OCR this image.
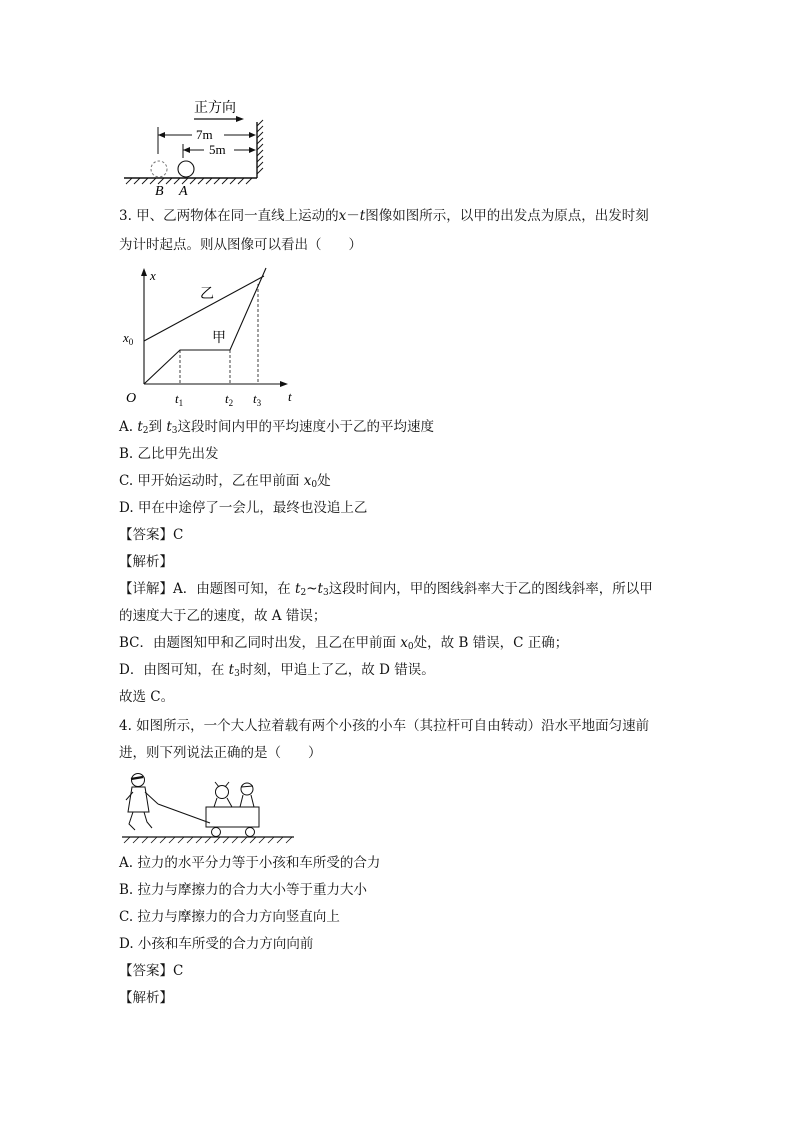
正方向
7m
5m
B A
3. 甲、乙两物体在同一直线上运动的x－t图像如图所示，以甲的出发点为原点，出发时刻
为计时起点。则从图像可以看出（　　）
x
t
O
$x_0$
乙
甲
$t_1$	$t_2$ $t_3$
A. $t_2$到 $t_3$这段时间内甲的平均速度小于乙的平均速度
B. 乙比甲先出发
C. 甲开始运动时，乙在甲前面 $x_0$处
D. 甲在中途停了一会儿，最终也没追上乙
【答案】C
【解析】
【详解】A．由题图可知，在 $t_2\sim t_3$这段时间内，甲的图线斜率大于乙的图线斜率，所以甲
的速度大于乙的速度，故 A 错误；
BC．由题图知甲和乙同时出发，且乙在甲前面 $x_0$处，故 B 错误，C 正确；
D．由图可知，在 $t_3$时刻，甲追上了乙，故 D 错误。
故选 C。
4. 如图所示，一个大人拉着载有两个小孩的小车（其拉杆可自由转动）沿水平地面匀速前
进，则下列说法正确的是（　　）
A. 拉力的水平分力等于小孩和车所受的合力
B. 拉力与摩擦力的合力大小等于重力大小
C. 拉力与摩擦力的合力方向竖直向上
D. 小孩和车所受的合力方向向前
【答案】C
【解析】
